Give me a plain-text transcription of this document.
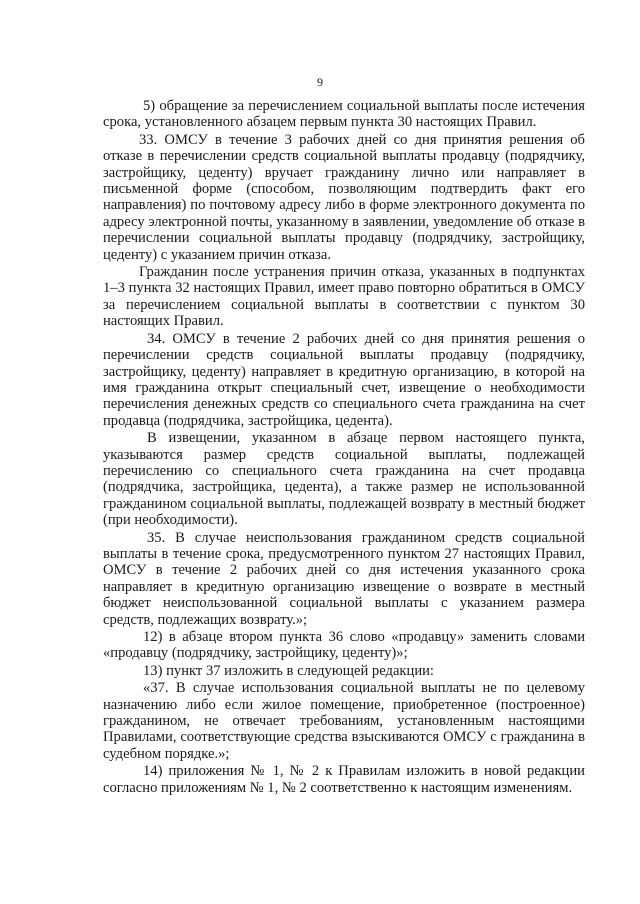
9

5) обращение за перечислением социальной выплаты после истечения срока, установленного абзацем первым пункта 30 настоящих Правил.

33. ОМСУ в течение 3 рабочих дней со дня принятия решения об отказе в перечислении средств социальной выплаты продавцу (подрядчику, застройщику, цеденту) вручает гражданину лично или направляет в письменной форме (способом, позволяющим подтвердить факт его направления) по почтовому адресу либо в форме электронного документа по адресу электронной почты, указанному в заявлении, уведомление об отказе в перечислении социальной выплаты продавцу (подрядчику, застройщику, цеденту) с указанием причин отказа.

Гражданин после устранения причин отказа, указанных в подпунктах 1–3 пункта 32 настоящих Правил, имеет право повторно обратиться в ОМСУ за перечислением социальной выплаты в соответствии с пунктом 30 настоящих Правил.

34. ОМСУ в течение 2 рабочих дней со дня принятия решения о перечислении средств социальной выплаты продавцу (подрядчику, застройщику, цеденту) направляет в кредитную организацию, в которой на имя гражданина открыт специальный счет, извещение о необходимости перечисления денежных средств со специального счета гражданина на счет продавца (подрядчика, застройщика, цедента).

В извещении, указанном в абзаце первом настоящего пункта, указываются размер средств социальной выплаты, подлежащей перечислению со специального счета гражданина на счет продавца (подрядчика, застройщика, цедента), а также размер не использованной гражданином социальной выплаты, подлежащей возврату в местный бюджет (при необходимости).

35. В случае неиспользования гражданином средств социальной выплаты в течение срока, предусмотренного пунктом 27 настоящих Правил, ОМСУ в течение 2 рабочих дней со дня истечения указанного срока направляет в кредитную организацию извещение о возврате в местный бюджет неиспользованной социальной выплаты с указанием размера средств, подлежащих возврату.»;

12) в абзаце втором пункта 36 слово «продавцу» заменить словами «продавцу (подрядчику, застройщику, цеденту)»;

13) пункт 37 изложить в следующей редакции:

«37. В случае использования социальной выплаты не по целевому назначению либо если жилое помещение, приобретенное (построенное) гражданином, не отвечает требованиям, установленным настоящими Правилами, соответствующие средства взыскиваются ОМСУ с гражданина в судебном порядке.»;

14) приложения № 1, № 2 к Правилам изложить в новой редакции согласно приложениям № 1, № 2 соответственно к настоящим изменениям.
